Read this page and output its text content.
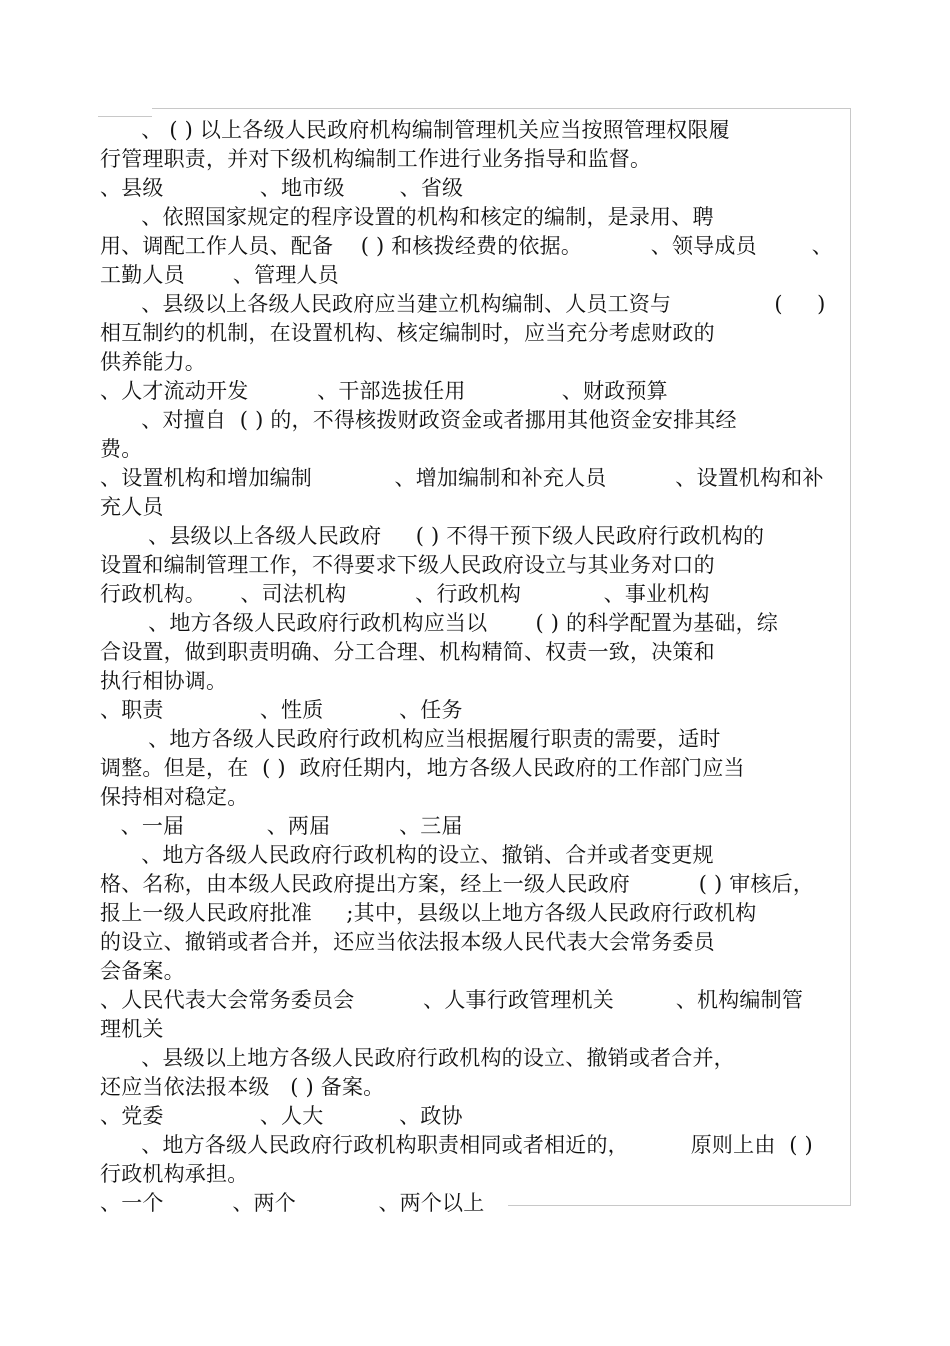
、 ( ) 以上各级人民政府机构编制管理机关应当按照管理权限履
行管理职责，并对下级机构编制工作进行业务指导和监督。
、县级              、地市级        、省级
、依照国家规定的程序设置的机构和核定的编制，是录用、聘
用、调配工作人员、配备    ( ) 和核拨经费的依据。          、领导成员        、
工勤人员       、管理人员
、县级以上各级人民政府应当建立机构编制、人员工资与               (     )
相互制约的机制，在设置机构、核定编制时，应当充分考虑财政的
供养能力。
、人才流动开发          、干部选拔任用              、财政预算
、对擅自  ( ) 的，不得核拨财政资金或者挪用其他资金安排其经
费。
、设置机构和增加编制            、增加编制和补充人员          、设置机构和补
充人员
、县级以上各级人民政府     ( ) 不得干预下级人民政府行政机构的
设置和编制管理工作，不得要求下级人民政府设立与其业务对口的
行政机构。     、司法机构          、行政机构            、事业机构
、地方各级人民政府行政机构应当以       ( ) 的科学配置为基础，综
合设置，做到职责明确、分工合理、机构精简、权责一致，决策和
执行相协调。
、职责              、性质           、任务
、地方各级人民政府行政机构应当根据履行职责的需要，适时
调整。但是，在  ( )  政府任期内，地方各级人民政府的工作部门应当
保持相对稳定。
、一届            、两届          、三届
、地方各级人民政府行政机构的设立、撤销、合并或者变更规
格、名称，由本级人民政府提出方案，经上一级人民政府          ( ) 审核后，
报上一级人民政府批准     ;其中，县级以上地方各级人民政府行政机构
的设立、撤销或者合并，还应当依法报本级人民代表大会常务委员
会备案。
、人民代表大会常务委员会          、人事行政管理机关         、机构编制管
理机关
、县级以上地方各级人民政府行政机构的设立、撤销或者合并，
还应当依法报本级   ( ) 备案。
、党委              、人大           、政协
、地方各级人民政府行政机构职责相同或者相近的，         原则上由  ( )
行政机构承担。
、一个          、两个            、两个以上
